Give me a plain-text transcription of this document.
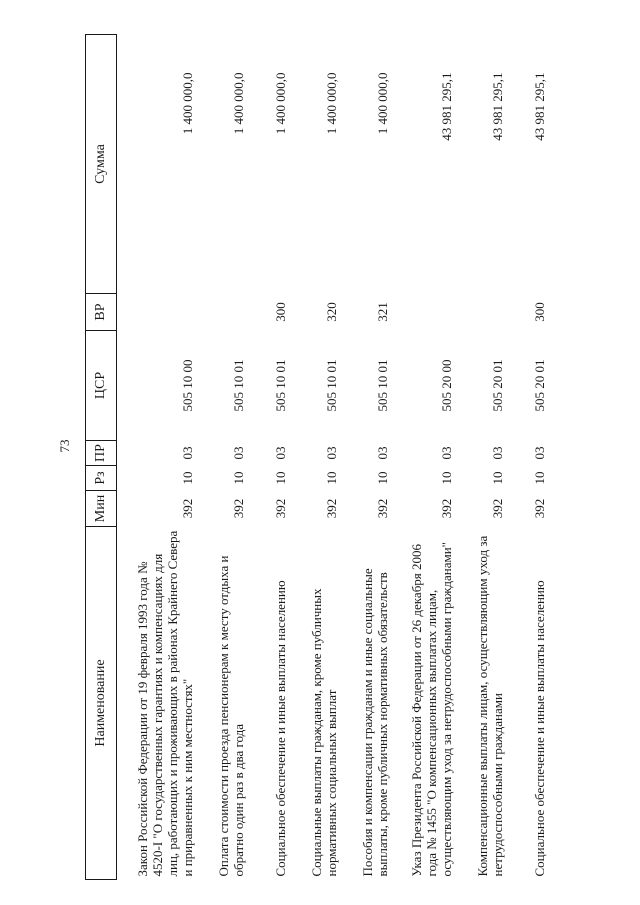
73
Наименование	Мин	Рз	ПР	ЦСР	ВР	Сумма
Закон Российской Федерации от 19 февраля 1993 года № 4520-I "О государственных гарантиях и компенсациях для лиц, работающих и проживающих в районах Крайнего Севера и приравненных к ним местностях"	392	10	03	505 10 00		1 400 000,0
Оплата стоимости проезда пенсионерам к месту отдыха и обратно один раз в два года	392	10	03	505 10 01		1 400 000,0
Социальное обеспечение и иные выплаты населению	392	10	03	505 10 01	300	1 400 000,0
Социальные выплаты гражданам, кроме публичных нормативных социальных выплат	392	10	03	505 10 01	320	1 400 000,0
Пособия и компенсации гражданам и иные социальные выплаты, кроме публичных нормативных обязательств	392	10	03	505 10 01	321	1 400 000,0
Указ Президента Российской Федерации от 26 декабря 2006 года № 1455 "О компенсационных выплатах лицам, осуществляющим уход за нетрудоспособными гражданами"	392	10	03	505 20 00		43 981 295,1
Компенсационные выплаты лицам, осуществляющим уход за нетрудоспособными гражданами	392	10	03	505 20 01		43 981 295,1
Социальное обеспечение и иные выплаты населению	392	10	03	505 20 01	300	43 981 295,1
